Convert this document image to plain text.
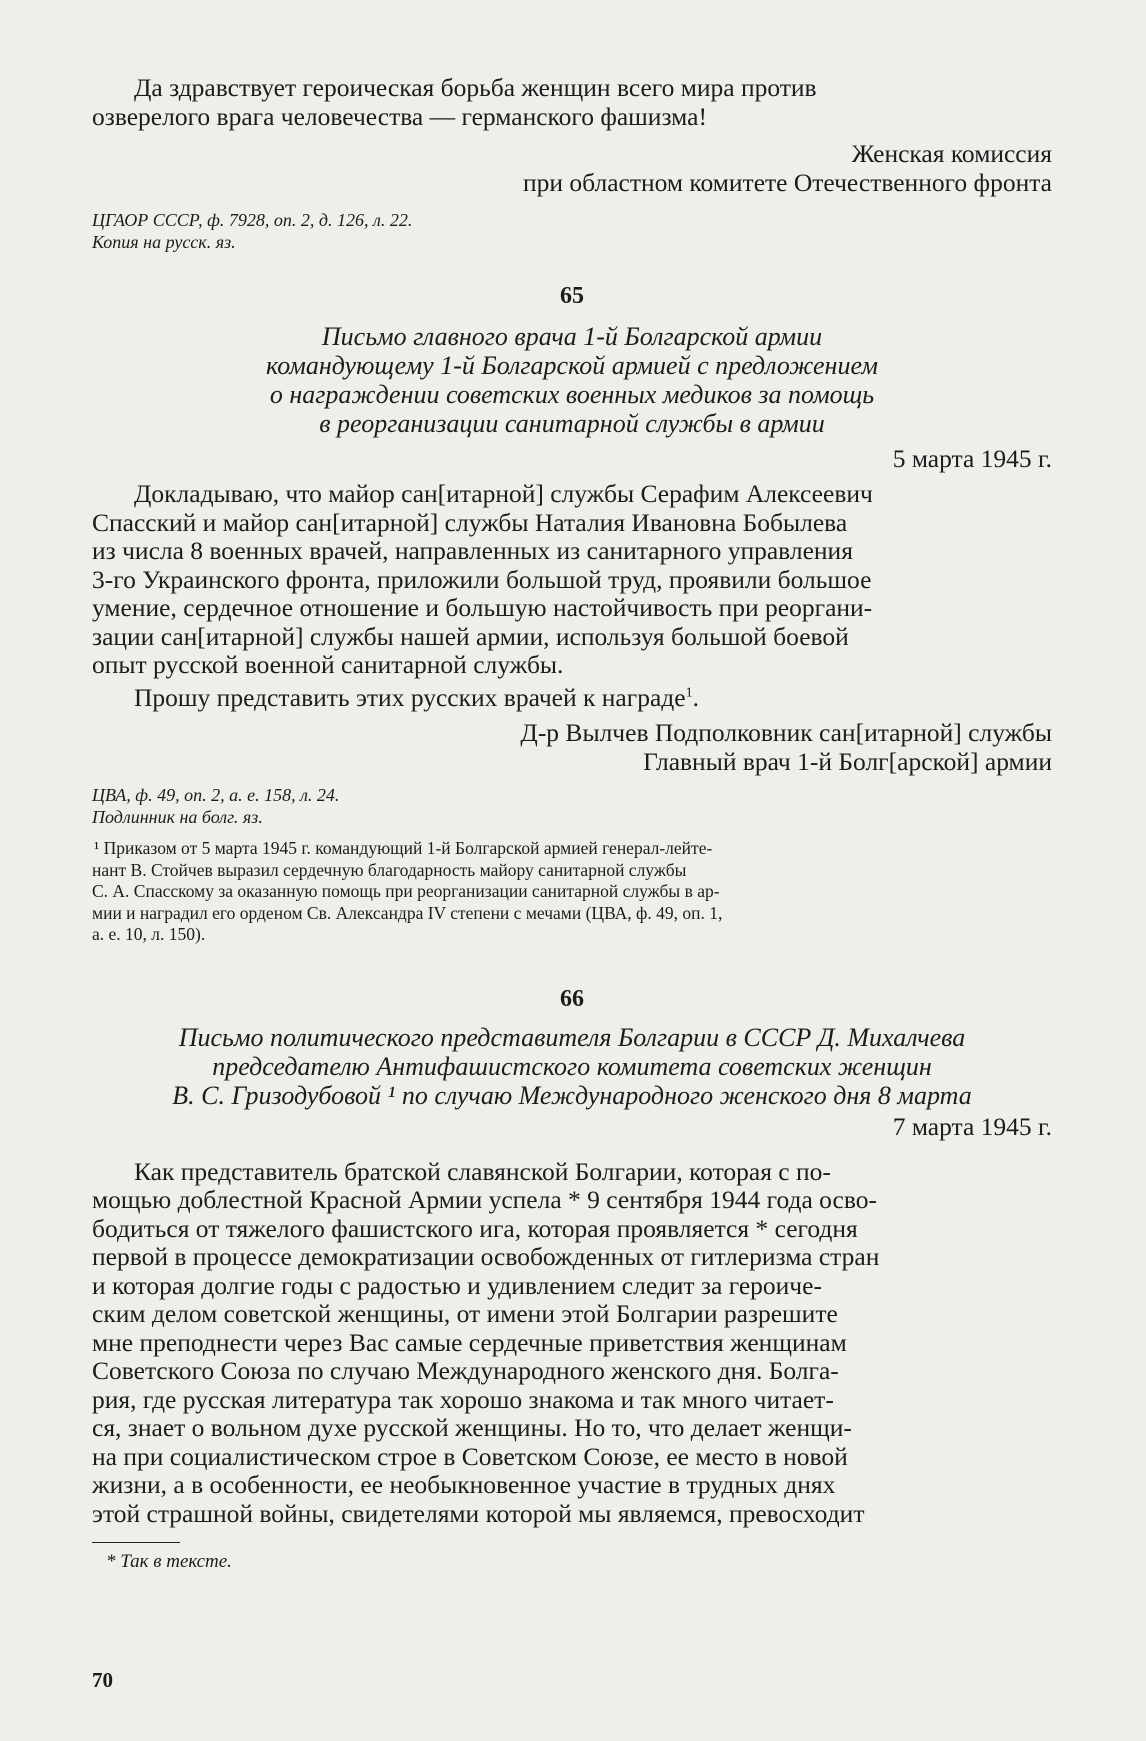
Да здравствует героическая борьба женщин всего мира против

озверелого врага человечества — германского фашизма!

Женская комиссия

при областном комитете Отечественного фронта

ЦГАОР СССР, ф. 7928, оп. 2, д. 126, л. 22.

Копия на русск. яз.

65

Письмо главного врача 1-й Болгарской армии

командующему 1-й Болгарской армией с предложением

о награждении советских военных медиков за помощь

в реорганизации санитарной службы в армии

5 марта 1945 г.

Докладываю, что майор сан[итарной] службы Серафим Алексеевич

Спасский и майор сан[итарной] службы Наталия Ивановна Бобылева

из числа 8 военных врачей, направленных из санитарного управления

3-го Украинского фронта, приложили большой труд, проявили большое

умение, сердечное отношение и большую настойчивость при реоргани-

зации сан[итарной] службы нашей армии, используя большой боевой

опыт русской военной санитарной службы.

Прошу представить этих русских врачей к награде$^1$.

Д-р Вылчев Подполковник сан[итарной] службы

Главный врач 1-й Болг[арской] армии

ЦВА, ф. 49, оп. 2, а. е. 158, л. 24.

Подлинник на болг. яз.

¹ Приказом от 5 марта 1945 г. командующий 1-й Болгарской армией генерал-лейте-

нант В. Стойчев выразил сердечную благодарность майору санитарной службы

С. А. Спасскому за оказанную помощь при реорганизации санитарной службы в ар-

мии и наградил его орденом Св. Александра IV степени с мечами (ЦВА, ф. 49, оп. 1,

а. е. 10, л. 150).

66

Письмо политического представителя Болгарии в СССР Д. Михалчева

председателю Антифашистского комитета советских женщин

В. С. Гризодубовой ¹ по случаю Международного женского дня 8 марта

7 марта 1945 г.

Как представитель братской славянской Болгарии, которая с по-

мощью доблестной Красной Армии успела * 9 сентября 1944 года осво-

бодиться от тяжелого фашистского ига, которая проявляется * сегодня

первой в процессе демократизации освобожденных от гитлеризма стран

и которая долгие годы с радостью и удивлением следит за героиче-

ским делом советской женщины, от имени этой Болгарии разрешите

мне преподнести через Вас самые сердечные приветствия женщинам

Советского Союза по случаю Международного женского дня. Болга-

рия, где русская литература так хорошо знакома и так много читает-

ся, знает о вольном духе русской женщины. Но то, что делает женщи-

на при социалистическом строе в Советском Союзе, ее место в новой

жизни, а в особенности, ее необыкновенное участие в трудных днях

этой страшной войны, свидетелями которой мы являемся, превосходит

* Так в тексте.

70
